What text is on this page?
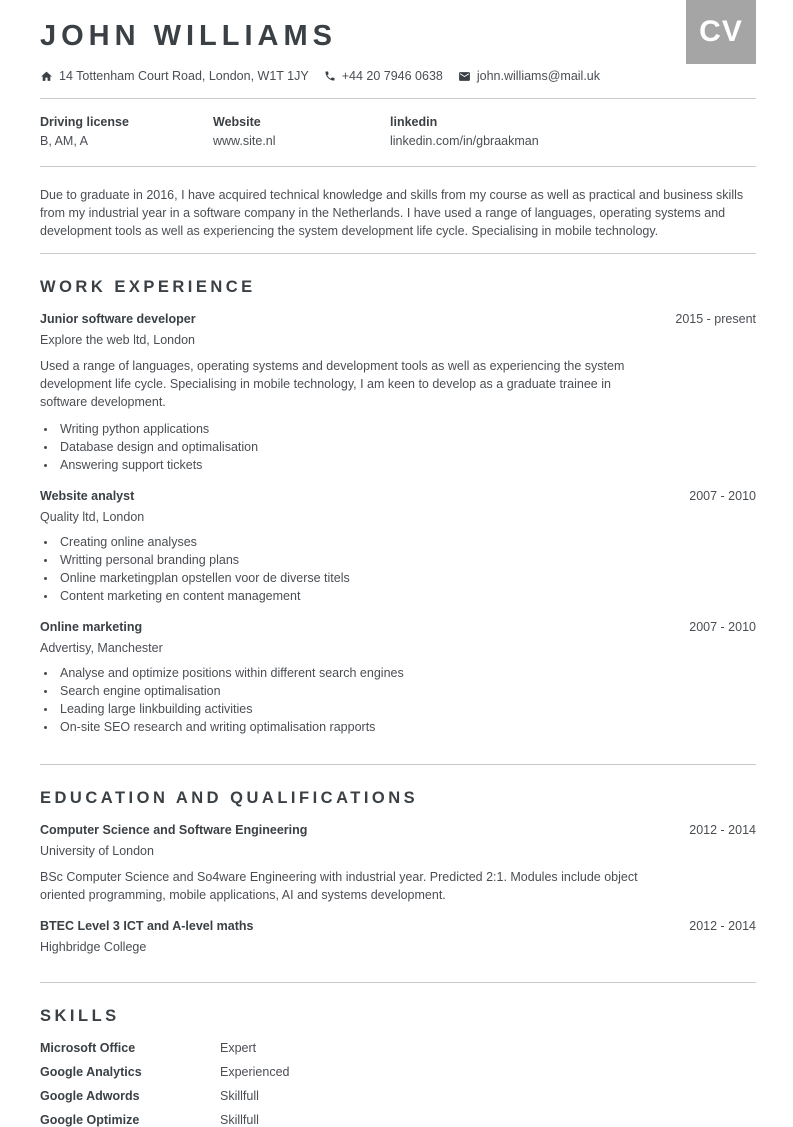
CV
JOHN WILLIAMS
14 Tottenham Court Road, London, W1T 1JY	+44 20 7946 0638	john.williams@mail.uk
Driving license
B, AM, A
Website
www.site.nl
linkedin
linkedin.com/in/gbraakman

Due to graduate in 2016, I have acquired technical knowledge and skills from my course as well as practical and business skills from my industrial year in a software company in the Netherlands. I have used a range of languages, operating systems and development tools as well as experiencing the system development life cycle. Specialising in mobile technology.

WORK EXPERIENCE
Junior software developer	2015 - present
Explore the web ltd, London

Used a range of languages, operating systems and development tools as well as experiencing the system development life cycle. Specialising in mobile technology, I am keen to develop as a graduate trainee in software development.

• Writing python applications
• Database design and optimalisation
• Answering support tickets
Website analyst	2007 - 2010
Quality ltd, London
• Creating online analyses
• Writting personal branding plans
• Online marketingplan opstellen voor de diverse titels
• Content marketing en content management
Online marketing	2007 - 2010
Advertisy, Manchester
• Analyse and optimize positions within different search engines
• Search engine optimalisation
• Leading large linkbuilding activities
• On-site SEO research and writing optimalisation rapports
EDUCATION AND QUALIFICATIONS
Computer Science and Software Engineering	2012 - 2014
University of London

BSc Computer Science and So4ware Engineering with industrial year. Predicted 2:1. Modules include object oriented programming, mobile applications, AI and systems development.

BTEC Level 3 ICT and A-level maths	2012 - 2014
Highbridge College
SKILLS
Microsoft Office	Expert
Google Analytics	Experienced
Google Adwords	Skillfull
Google Optimize	Skillfull
